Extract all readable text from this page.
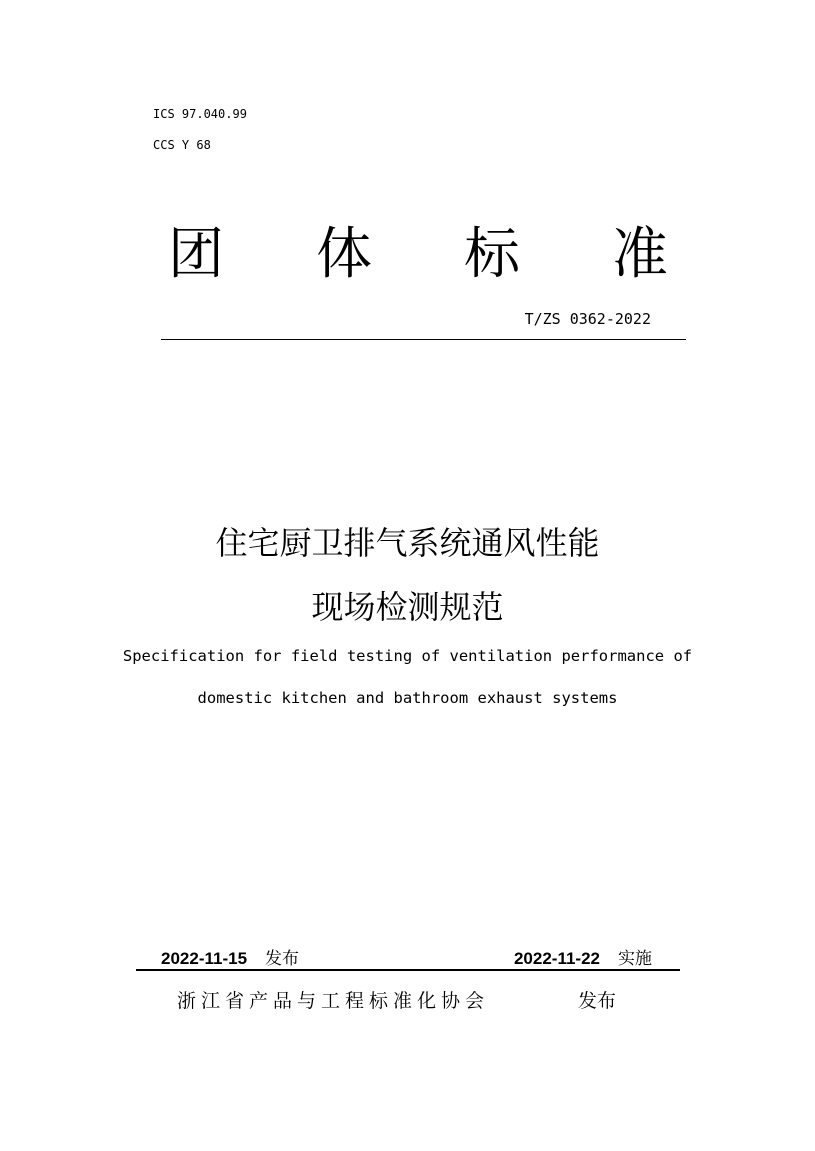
ICS 97.040.99
CCS Y 68
团 体 标 准
T/ZS 0362-2022
住宅厨卫排气系统通风性能
现场检测规范
Specification for field testing of ventilation performance of
domestic kitchen and bathroom exhaust systems
2022-11-15 发布	2022-11-22 实施
浙江省产品与工程标准化协会	发布
